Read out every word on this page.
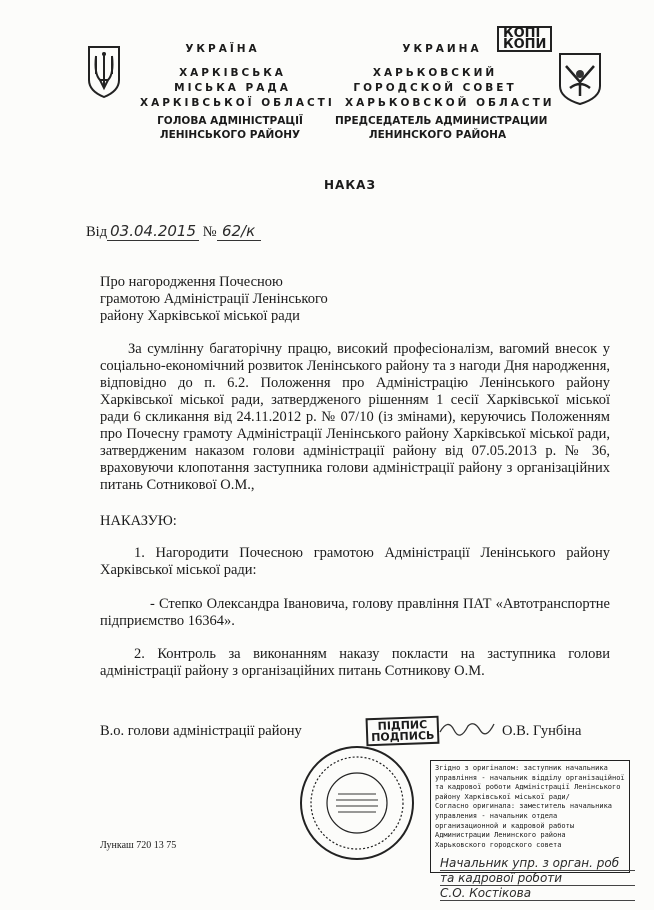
КОПІ
КОПИ
УКРАЇНА
ХАРКІВСЬКА
МІСЬКА РАДА
ХАРКІВСЬКОЇ ОБЛАСТІ
ГОЛОВА АДМІНІСТРАЦІЇ
ЛЕНІНСЬКОГО РАЙОНУ
УКРАИНА
ХАРЬКОВСКИЙ
ГОРОДСКОЙ СОВЕТ
ХАРЬКОВСКОЙ ОБЛАСТИ
ПРЕДСЕДАТЕЛЬ АДМИНИСТРАЦИИ
ЛЕНИНСКОГО РАЙОНА
НАКАЗ
Від 03.04.2015 № 62/к
Про нагородження Почесною
грамотою Адміністрації Ленінського
району Харківської міської ради

За сумлінну багаторічну працю, високий професіоналізм, вагомий внесок у соціально-економічний розвиток Ленінського району та з нагоди Дня народження, відповідно до п. 6.2. Положення про Адміністрацію Ленінського району Харківської міської ради, затвердженого рішенням 1 сесії Харківської міської ради 6 скликання від 24.11.2012 р. № 07/10 (із змінами), керуючись Положенням про Почесну грамоту Адміністрації Ленінського району Харківської міської ради, затвердженим наказом голови адміністрації району від 07.05.2013 р. № 36, враховуючи клопотання заступника голови адміністрації району з організаційних питань Сотникової О.М.,

НАКАЗУЮ:

1. Нагородити Почесною грамотою Адміністрації Ленінського району Харківської міської ради:

- Степко Олександра Івановича, голову правління ПАТ «Автотранспортне підприємство 16364».

2. Контроль за виконанням наказу покласти на заступника голови адміністрації району з організаційних питань Сотникову О.М.

В.о. голови адміністрації району	ПІДПИС
ПОДПИСЬ	О.В. Гунбіна
Згідно з оригіналом: заступник начальника
управління - начальник відділу організаційної
та кадрової роботи Адміністрації Ленінського
району Харківської міської ради/
Согласно оригинала: заместитель начальника
управления - начальник отдела
организационной и кадровой работы
Администрации Ленинского района
Харьковского городского совета
Начальник упр. з орган. роб
та кадрової роботи
С.О. Костікова
Лункаш 720 13 75
